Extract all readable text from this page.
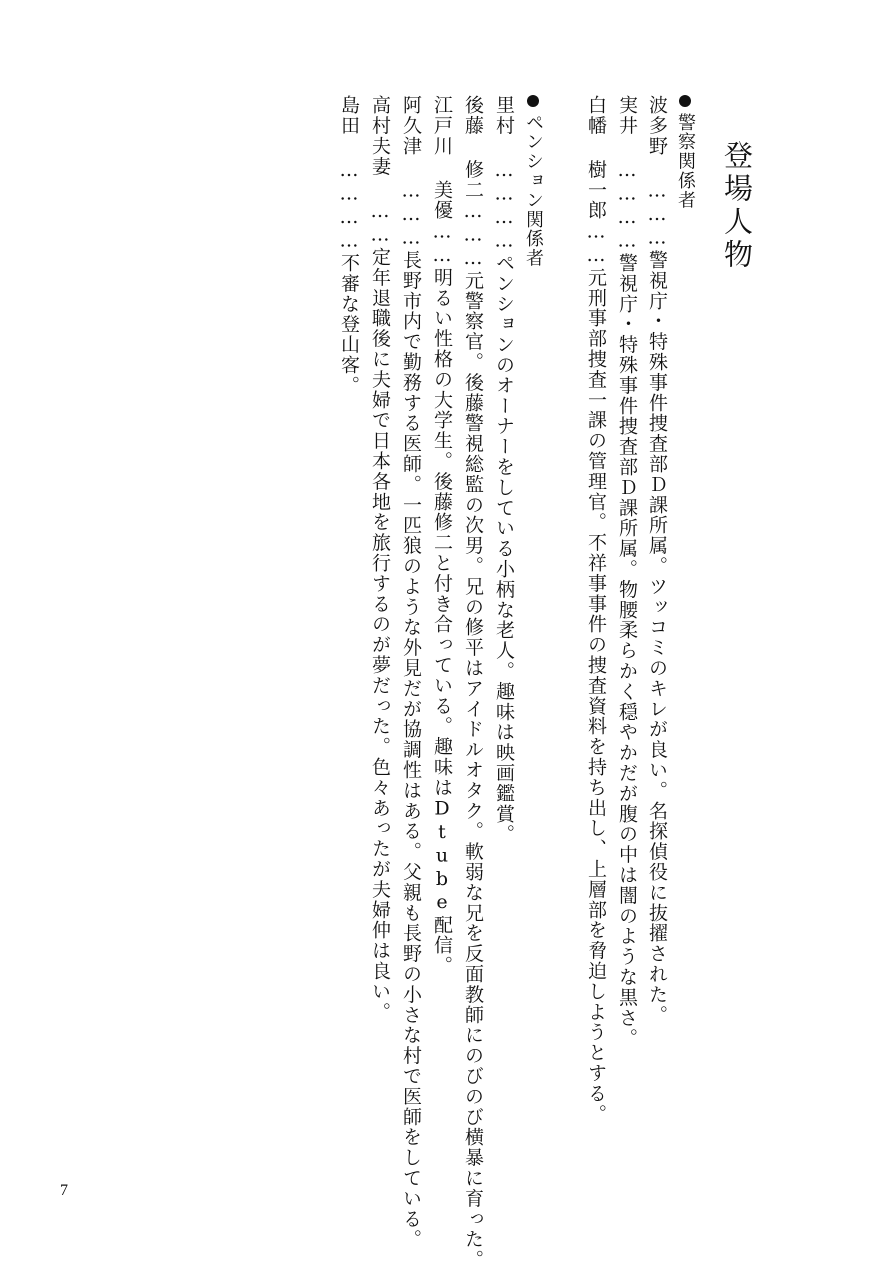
登場人物
警察関係者
波多野 ………警視庁・特殊事件捜査部Ｄ課所属。ツッコミのキレが良い。名探偵役に抜擢された。
実井 …………警視庁・特殊事件捜査部Ｄ課所属。物腰柔らかく穏やかだが腹の中は闇のような黒さ。
白幡 樹一郎……元刑事部捜査一課の管理官。不祥事事件の捜査資料を持ち出し、上層部を脅迫しようとする。
ペンション関係者
里村 …………ペンションのオーナーをしている小柄な老人。趣味は映画鑑賞。
後藤 修二………元警察官。後藤警視総監の次男。兄の修平はアイドルオタク。軟弱な兄を反面教師にのびのび横暴に育った。
江戸川 美優……明るい性格の大学生。後藤修二と付き合っている。趣味はDtube配信。
阿久津 ………長野市内で勤務する医師。一匹狼のような外見だが協調性はある。父親も長野の小さな村で医師をしている。
高村夫妻 ……定年退職後に夫婦で日本各地を旅行するのが夢だった。色々あったが夫婦仲は良い。
島田 …………不審な登山客。
7
